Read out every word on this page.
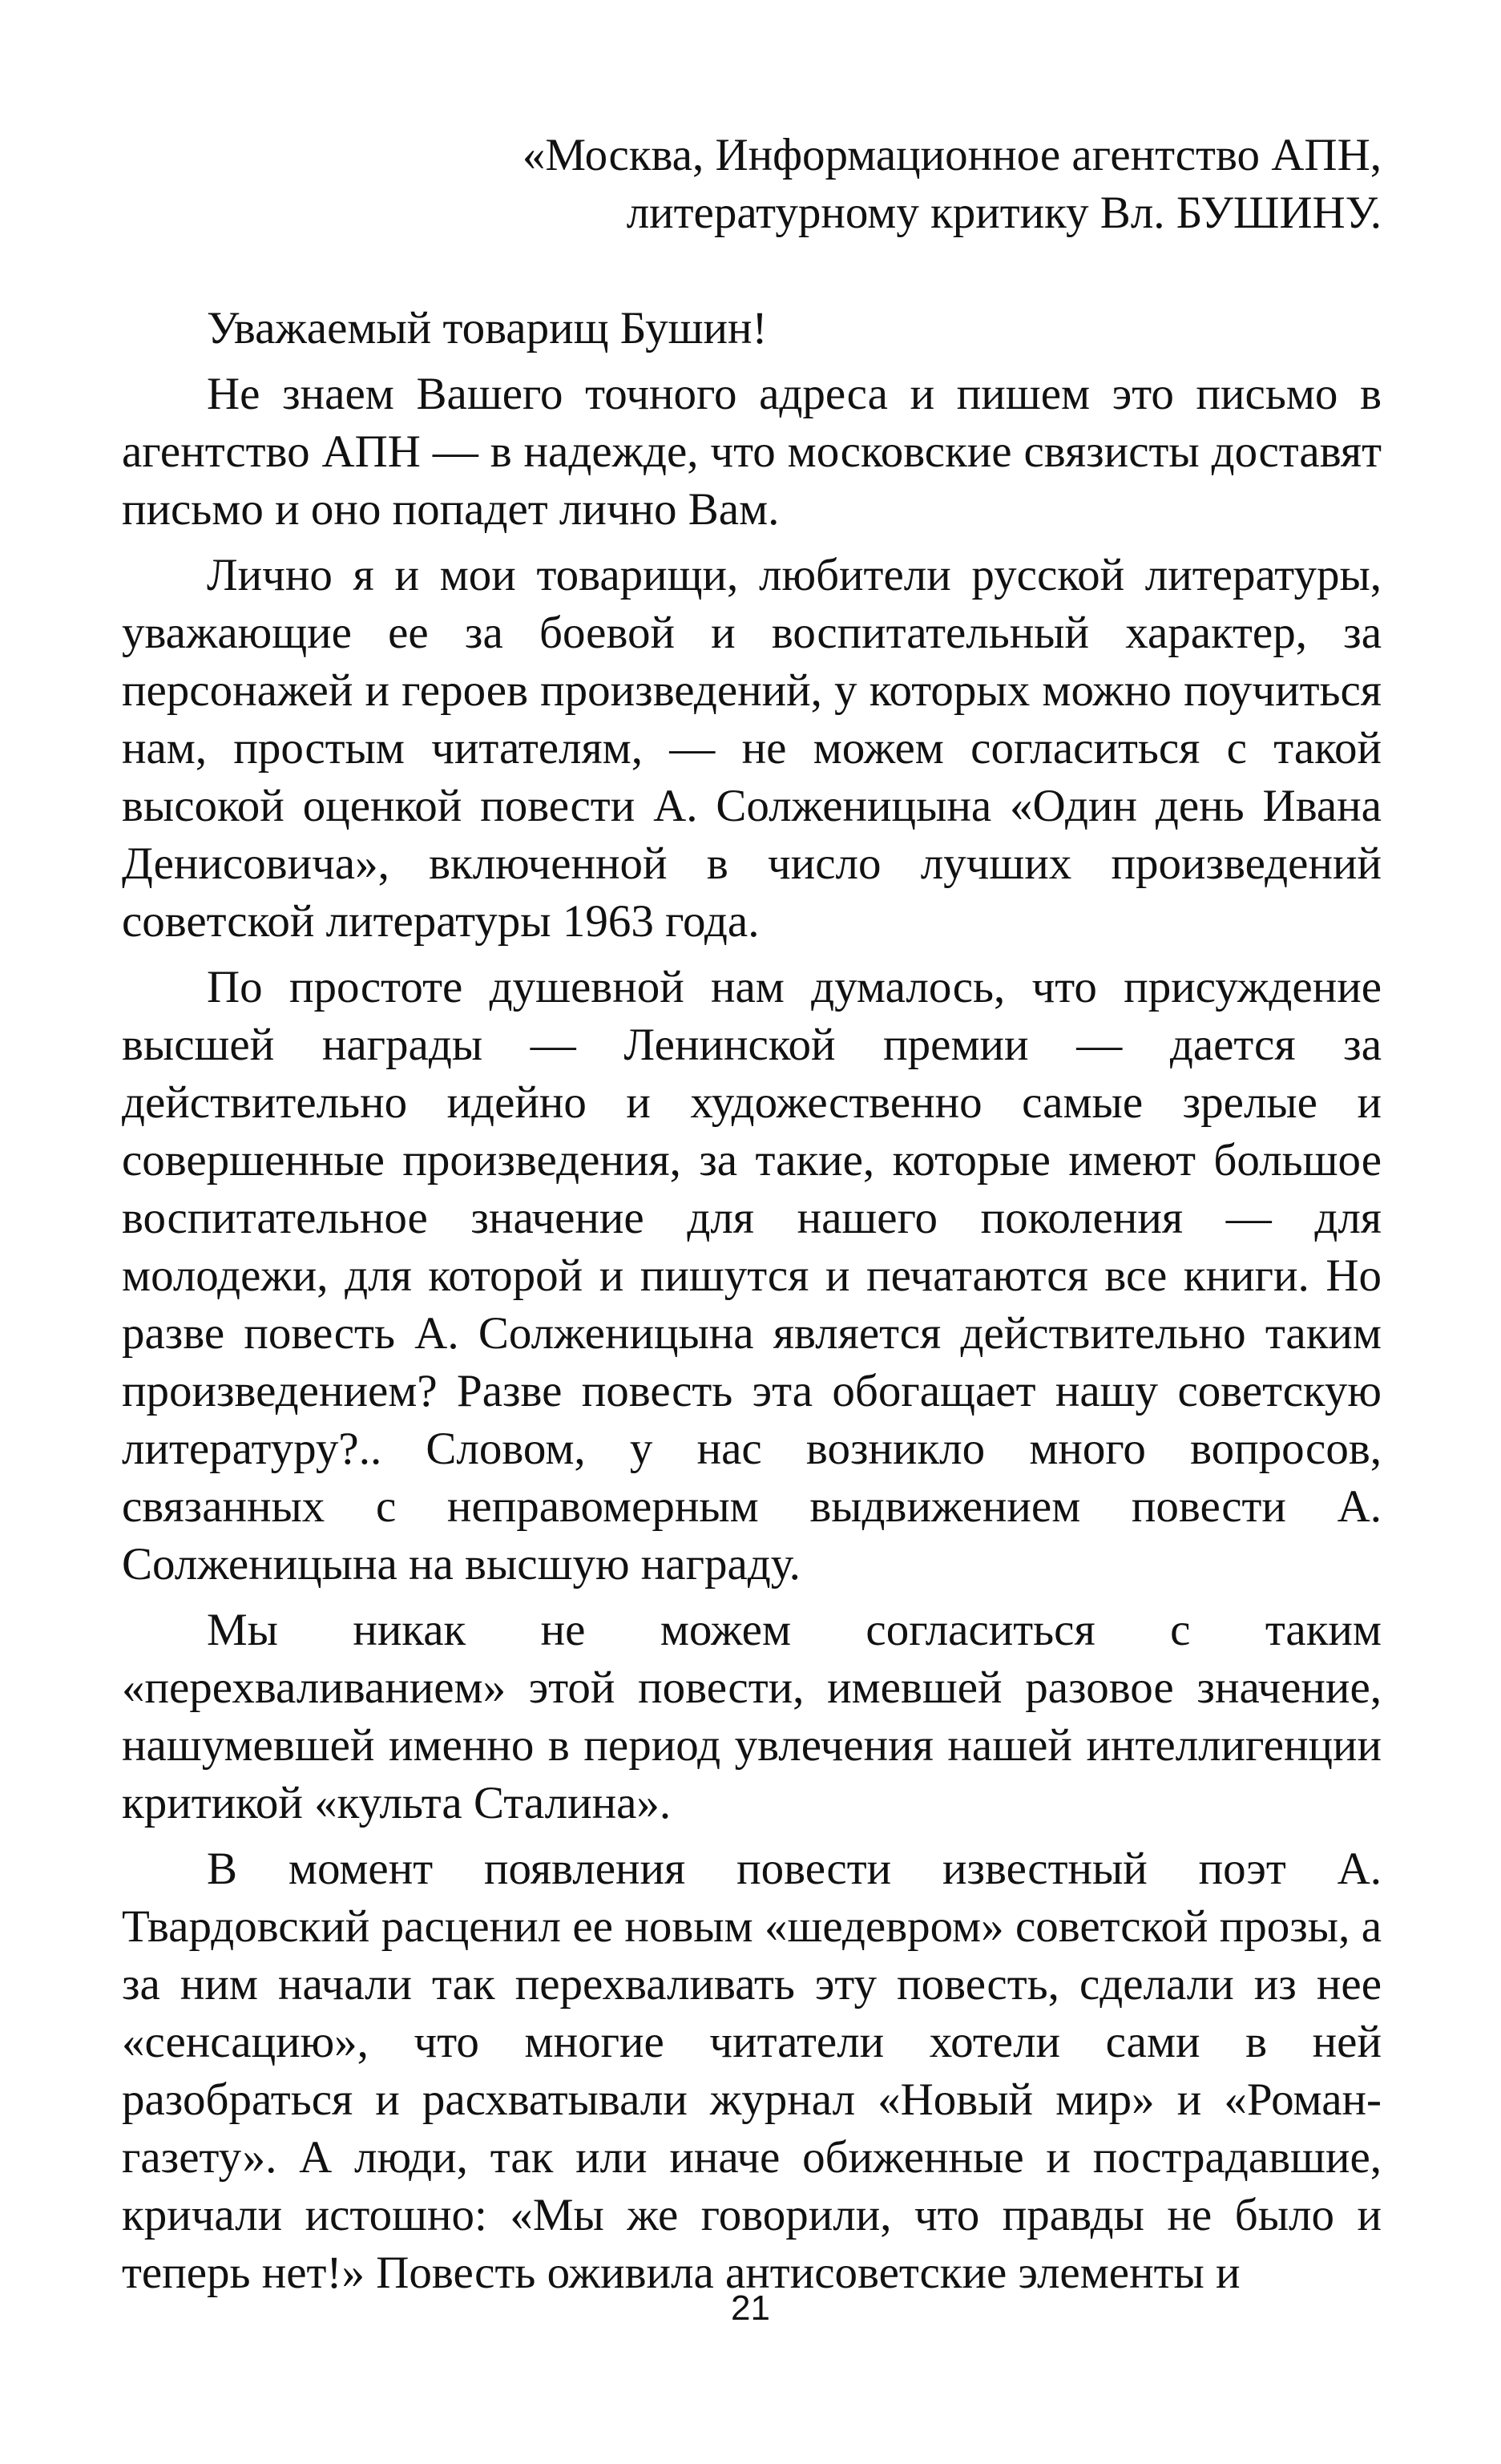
«Москва, Информационное агентство АПН,
литературному критику Вл. БУШИНУ.

Уважаемый товарищ Бушин!

Не знаем Вашего точного адреса и пишем это письмо в агентство АПН — в надежде, что московские связисты доставят письмо и оно попадет лично Вам.

Лично я и мои товарищи, любители русской литературы, уважающие ее за боевой и воспитательный характер, за персонажей и героев произведений, у которых можно поучиться нам, простым читателям, — не можем согласиться с такой высокой оценкой повести А. Солженицына «Один день Ивана Денисовича», включенной в число лучших произведений советской литературы 1963 года.

По простоте душевной нам думалось, что присуждение высшей награды — Ленинской премии — дается за действительно идейно и художественно самые зрелые и совершенные произведения, за такие, которые имеют большое воспитательное значение для нашего поколения — для молодежи, для которой и пишутся и печатаются все книги. Но разве повесть А. Солженицына является действительно таким произведением? Разве повесть эта обогащает нашу советскую литературу?.. Словом, у нас возникло много вопросов, связанных с неправомерным выдвижением повести А. Солженицына на высшую награду.

Мы никак не можем согласиться с таким «перехваливанием» этой повести, имевшей разовое значение, нашумевшей именно в период увлечения нашей интеллигенции критикой «культа Сталина».

В момент появления повести известный поэт А. Твардовский расценил ее новым «шедевром» советской прозы, а за ним начали так перехваливать эту повесть, сделали из нее «сенсацию», что многие читатели хотели сами в ней разобраться и расхватывали журнал «Новый мир» и «Роман-газету». А люди, так или иначе обиженные и пострадавшие, кричали истошно: «Мы же говорили, что правды не было и теперь нет!» Повесть оживила антисоветские элементы и

21
